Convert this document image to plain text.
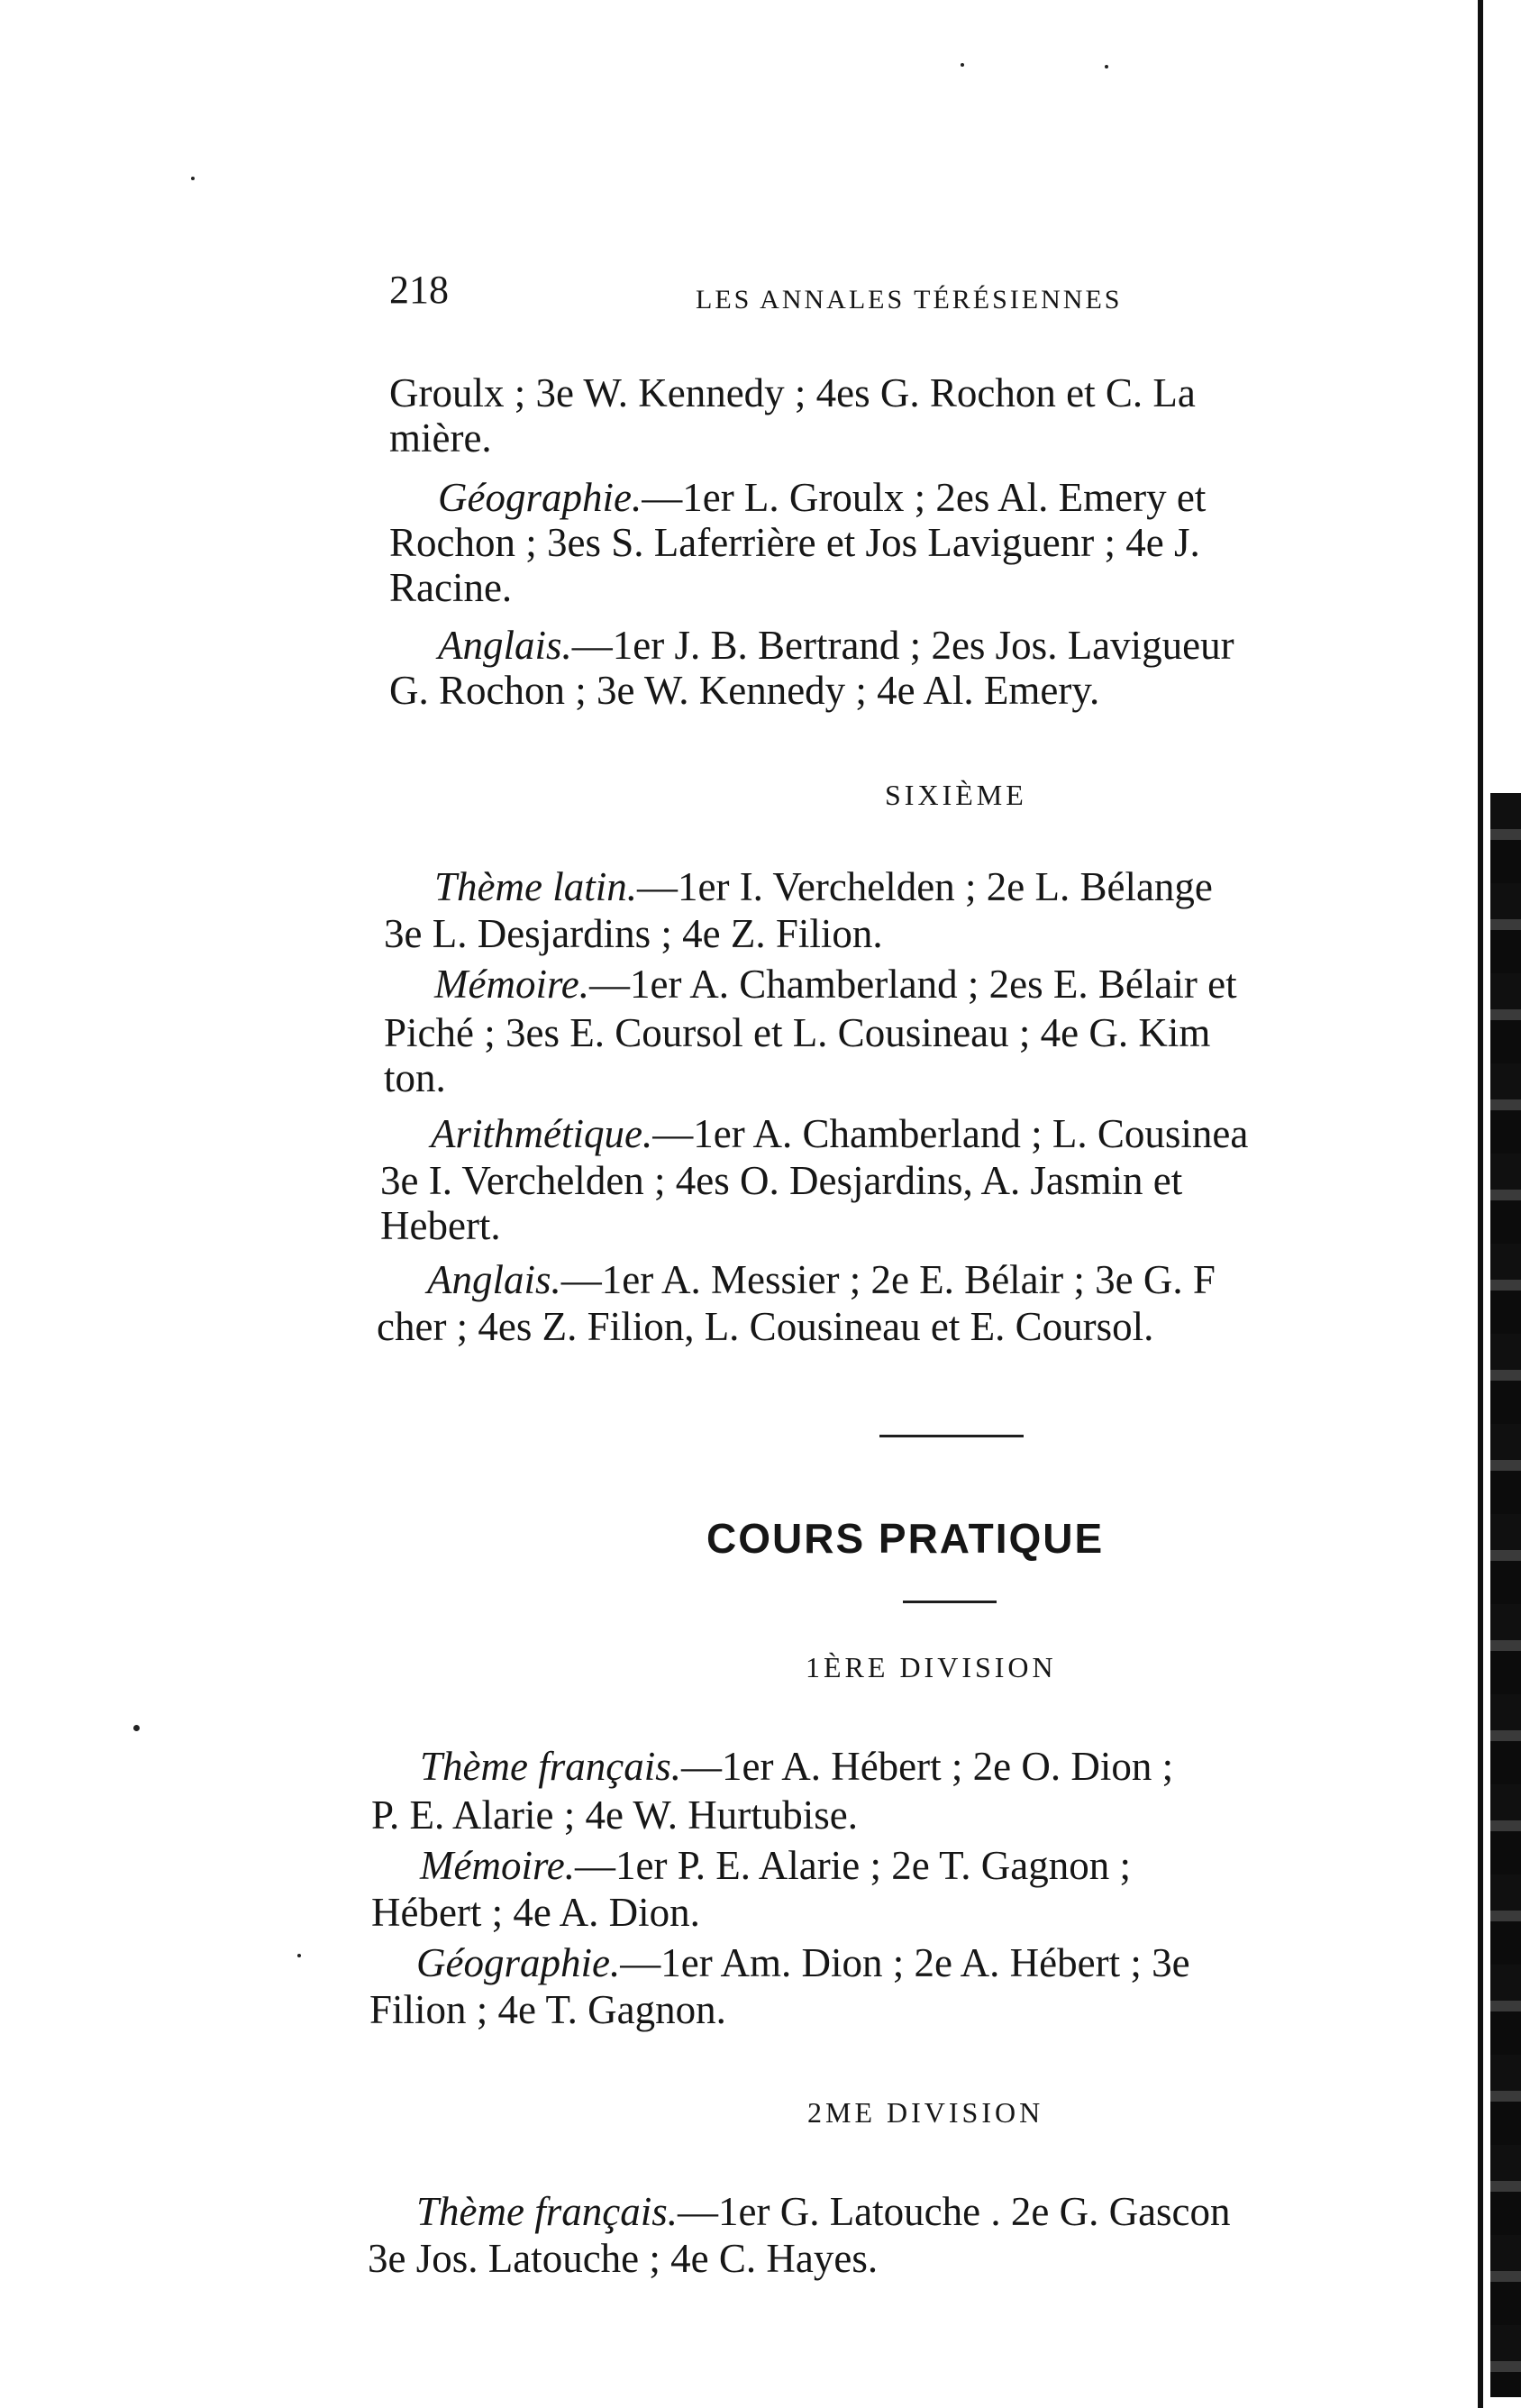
218	LES ANNALES TÉRÉSIENNES

Groulx ; 3e W. Kennedy ; 4es G. Rochon et C. La

mière.

Géographie.—1er L. Groulx ; 2es Al. Emery et

Rochon ; 3es S. Laferrière et Jos Laviguenr ; 4e J.

Racine.

Anglais.—1er J. B. Bertrand ; 2es Jos. Lavigueur

G. Rochon ; 3e W. Kennedy ; 4e Al. Emery.

SIXIÈME

Thème latin.—1er I. Verchelden ; 2e L. Bélange

3e L. Desjardins ; 4e Z. Filion.

Mémoire.—1er A. Chamberland ; 2es E. Bélair et

Piché ; 3es E. Coursol et L. Cousineau ; 4e G. Kim

ton.

Arithmétique.—1er A. Chamberland ; L. Cousinea

3e I. Verchelden ; 4es O. Desjardins, A. Jasmin et

Hebert.

Anglais.—1er A. Messier ; 2e E. Bélair ; 3e G. F

cher ; 4es Z. Filion, L. Cousineau et E. Coursol.

COURS PRATIQUE
1ÈRE DIVISION

Thème français.—1er A. Hébert ; 2e O. Dion ;

P. E. Alarie ; 4e W. Hurtubise.

Mémoire.—1er P. E. Alarie ; 2e T. Gagnon ;

Hébert ; 4e A. Dion.

Géographie.—1er Am. Dion ; 2e A. Hébert ; 3e

Filion ; 4e T. Gagnon.

2ME DIVISION

Thème français.—1er G. Latouche . 2e G. Gascon

3e Jos. Latouche ; 4e C. Hayes.
